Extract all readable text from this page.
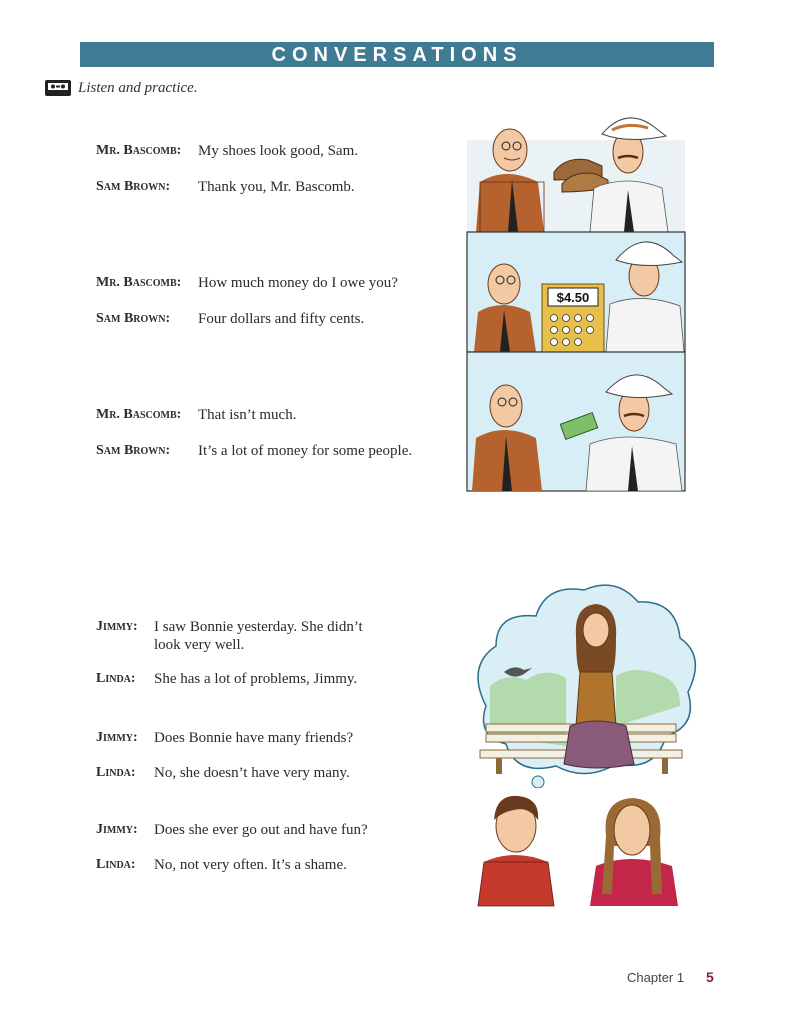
CONVERSATIONS
Listen and practice.
Mr. Bascomb:	My shoes look good, Sam.
Sam Brown:	Thank you, Mr. Bascomb.
Mr. Bascomb:	How much money do I owe you?
Sam Brown:	Four dollars and fifty cents.
Mr. Bascomb:	That isn’t much.
Sam Brown:	It’s a lot of money for some people.
$4.50
Jimmy:	I saw Bonnie yesterday. She didn’t look very well.
Linda:	She has a lot of problems, Jimmy.
Jimmy:	Does Bonnie have many friends?
Linda:	No, she doesn’t have very many.
Jimmy:	Does she ever go out and have fun?
Linda:	No, not very often. It’s a shame.
Chapter 1 5
